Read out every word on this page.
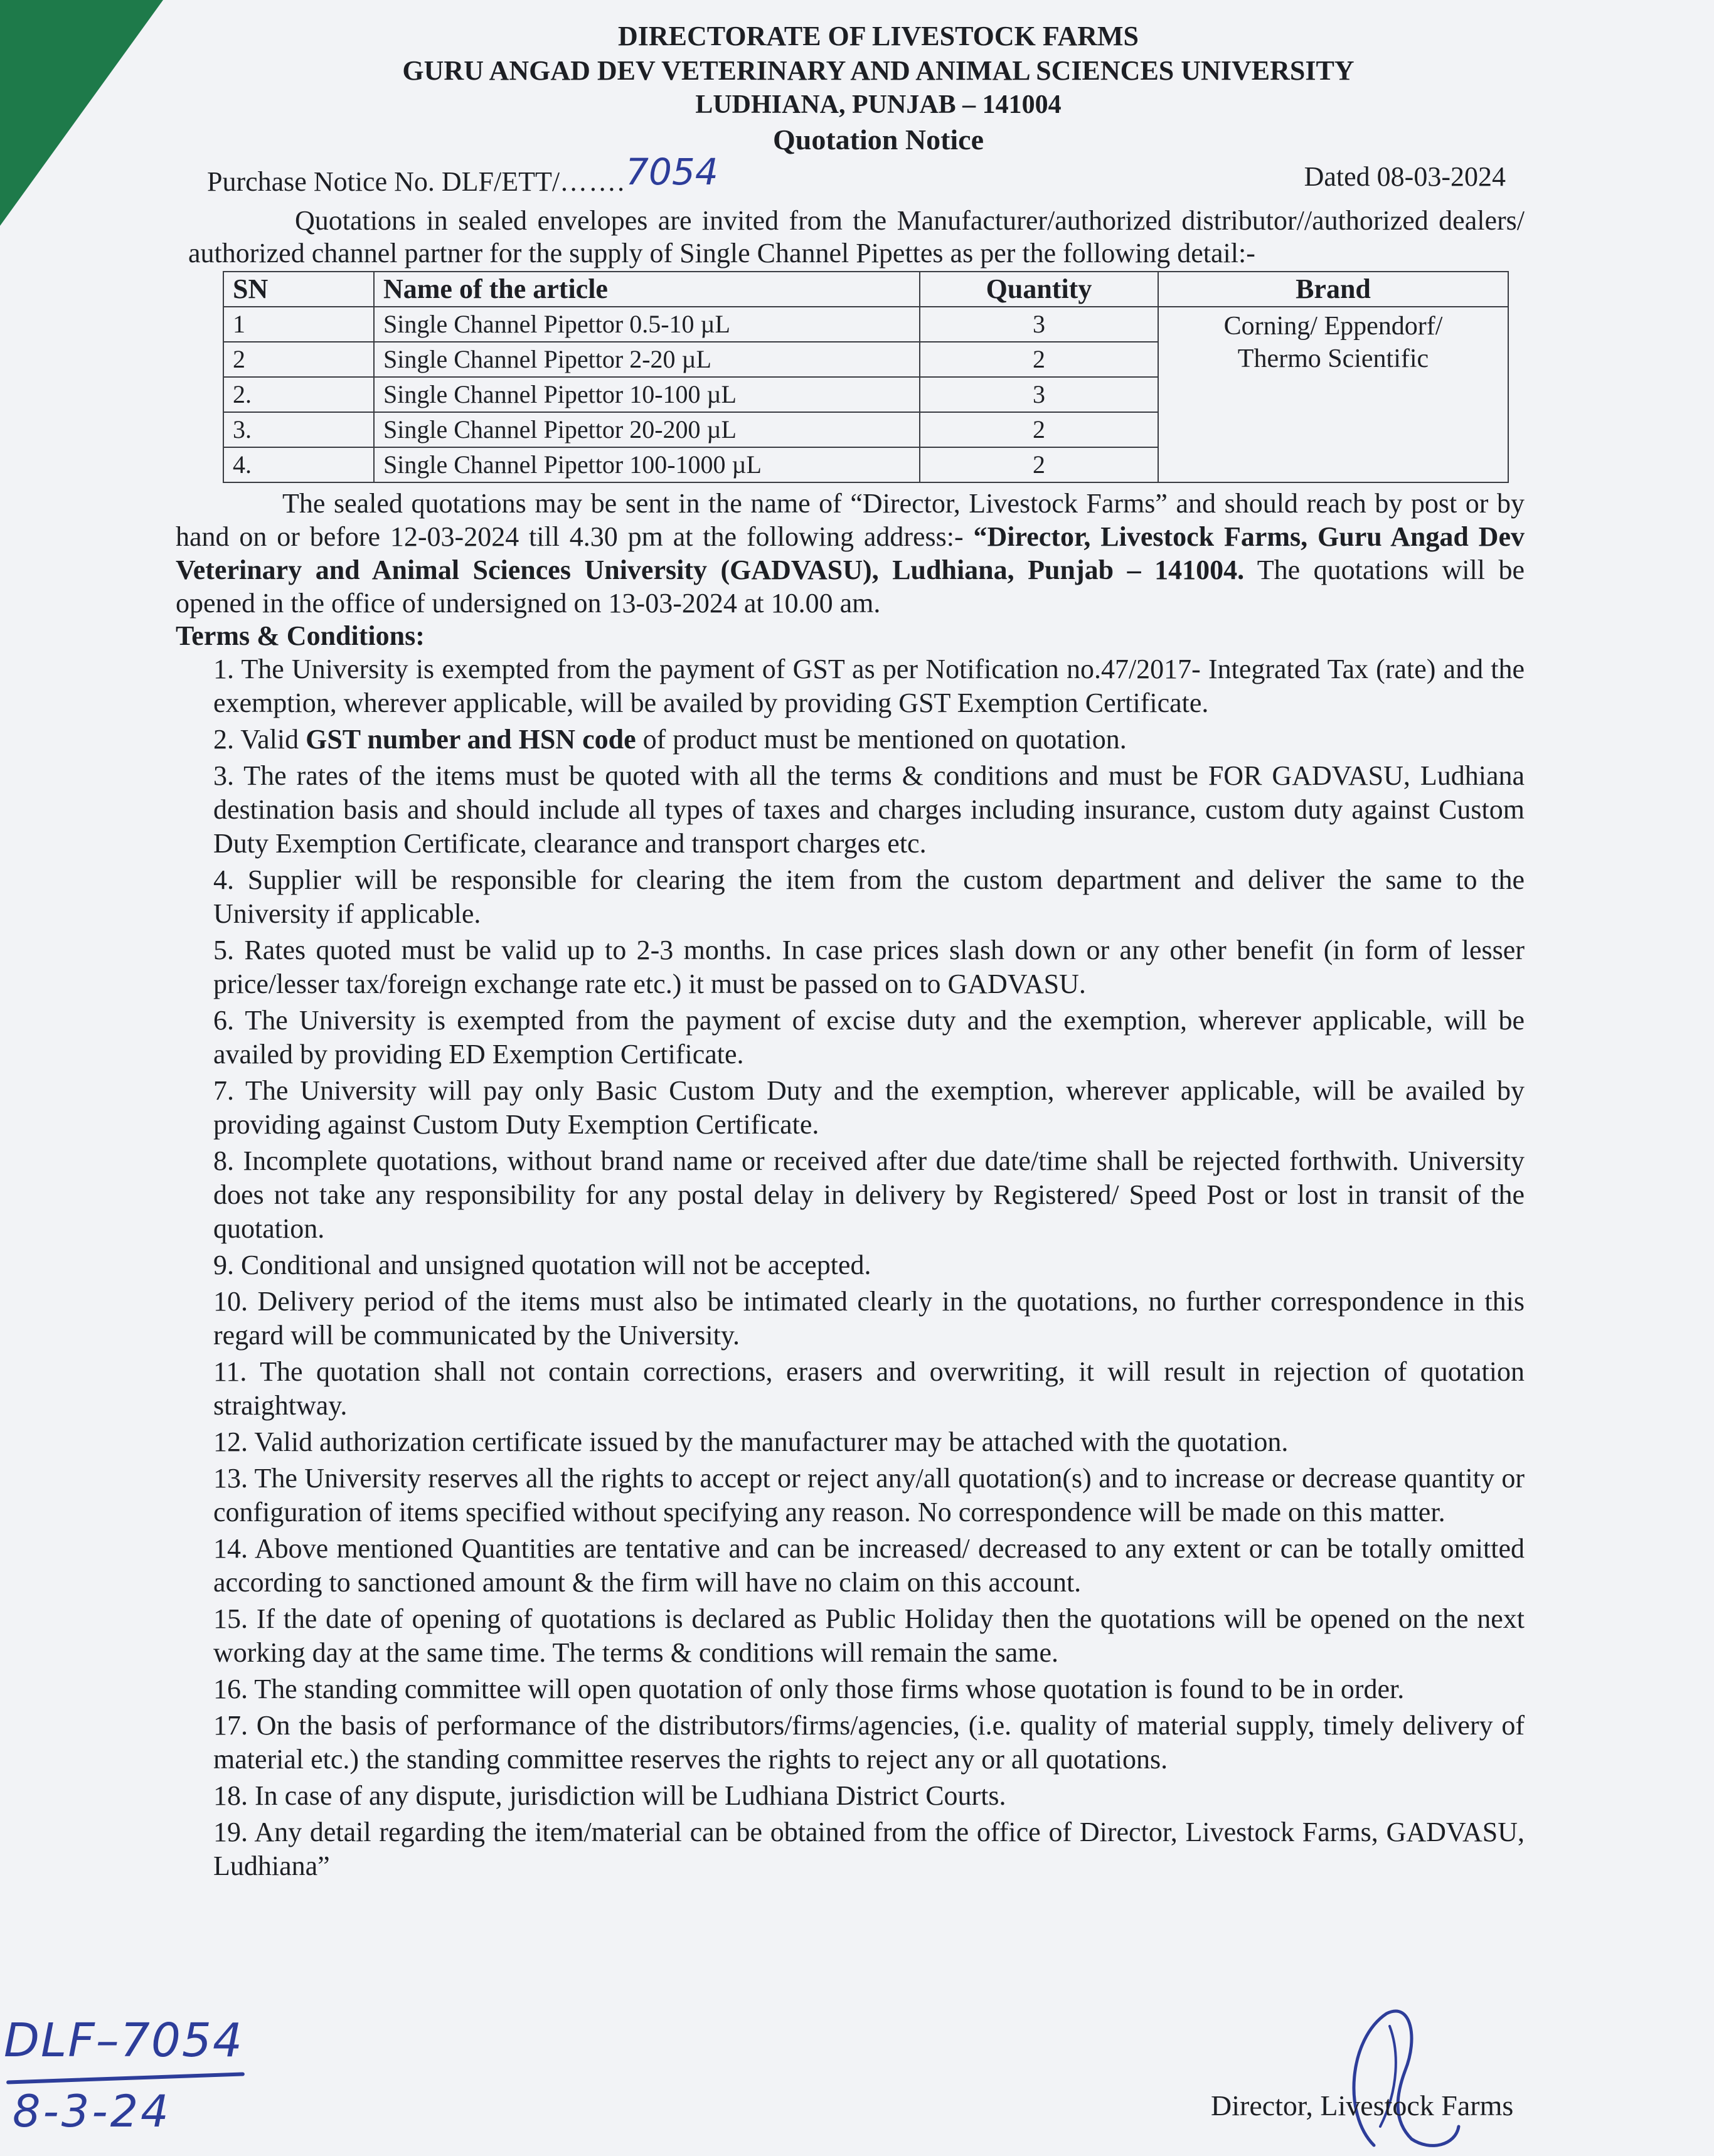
DIRECTORATE OF LIVESTOCK FARMS
GURU ANGAD DEV VETERINARY AND ANIMAL SCIENCES UNIVERSITY
LUDHIANA, PUNJAB – 141004
Quotation Notice
Purchase Notice No. DLF/ETT/…….7054	Dated 08-03-2024
Quotations in sealed envelopes are invited from the Manufacturer/authorized distributor//authorized dealers/ authorized channel partner for the supply of Single Channel Pipettes as per the following detail:-
SN	Name of the article	Quantity	Brand
1	Single Channel Pipettor 0.5-10 µL	3	Corning/ Eppendorf/
Thermo Scientific

2	Single Channel Pipettor 2-20 µL	2	
2.	Single Channel Pipettor 10-100 µL	3	
3.	Single Channel Pipettor 20-200 µL	2	
4.	Single Channel Pipettor 100-1000 µL	2	
The sealed quotations may be sent in the name of “Director, Livestock Farms” and should reach by post or by hand on or before 12-03-2024 till 4.30 pm at the following address:- “Director, Livestock Farms, Guru Angad Dev Veterinary and Animal Sciences University (GADVASU), Ludhiana, Punjab – 141004. The quotations will be opened in the office of undersigned on 13-03-2024 at 10.00 am.
Terms & Conditions:
1. The University is exempted from the payment of GST as per Notification no.47/2017- Integrated Tax (rate) and the exemption, wherever applicable, will be availed by providing GST Exemption Certificate.
2. Valid GST number and HSN code of product must be mentioned on quotation.
3. The rates of the items must be quoted with all the terms & conditions and must be FOR GADVASU, Ludhiana destination basis and should include all types of taxes and charges including insurance, custom duty against Custom Duty Exemption Certificate, clearance and transport charges etc.
4. Supplier will be responsible for clearing the item from the custom department and deliver the same to the University if applicable.
5. Rates quoted must be valid up to 2-3 months. In case prices slash down or any other benefit (in form of lesser price/lesser tax/foreign exchange rate etc.) it must be passed on to GADVASU.
6. The University is exempted from the payment of excise duty and the exemption, wherever applicable, will be availed by providing ED Exemption Certificate.
7. The University will pay only Basic Custom Duty and the exemption, wherever applicable, will be availed by providing against Custom Duty Exemption Certificate.
8. Incomplete quotations, without brand name or received after due date/time shall be rejected forthwith. University does not take any responsibility for any postal delay in delivery by Registered/ Speed Post or lost in transit of the quotation.
9. Conditional and unsigned quotation will not be accepted.
10. Delivery period of the items must also be intimated clearly in the quotations, no further correspondence in this regard will be communicated by the University.
11. The quotation shall not contain corrections, erasers and overwriting, it will result in rejection of quotation straightway.
12. Valid authorization certificate issued by the manufacturer may be attached with the quotation.
13. The University reserves all the rights to accept or reject any/all quotation(s) and to increase or decrease quantity or configuration of items specified without specifying any reason. No correspondence will be made on this matter.
14. Above mentioned Quantities are tentative and can be increased/ decreased to any extent or can be totally omitted according to sanctioned amount & the firm will have no claim on this account.
15. If the date of opening of quotations is declared as Public Holiday then the quotations will be opened on the next working day at the same time. The terms & conditions will remain the same.
16. The standing committee will open quotation of only those firms whose quotation is found to be in order.
17. On the basis of performance of the distributors/firms/agencies, (i.e. quality of material supply, timely delivery of material etc.) the standing committee reserves the rights to reject any or all quotations.
18. In case of any dispute, jurisdiction will be Ludhiana District Courts.
19. Any detail regarding the item/material can be obtained from the office of Director, Livestock Farms, GADVASU, Ludhiana”
DLF–7054
8-3-24	Director, Livestock Farms
